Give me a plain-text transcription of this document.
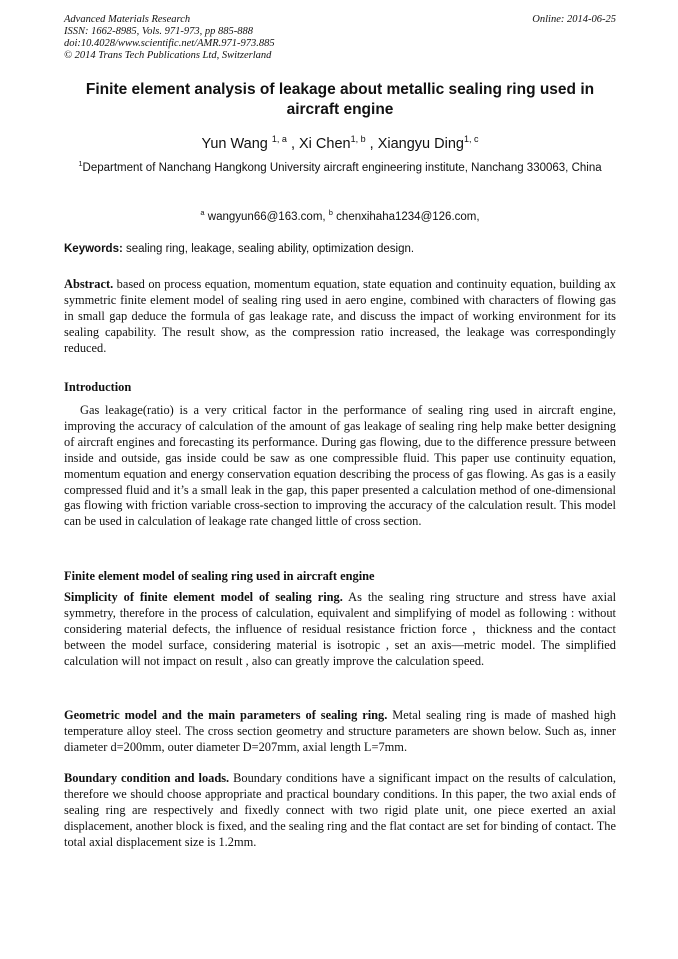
Advanced Materials Research
ISSN: 1662-8985, Vols. 971-973, pp 885-888
doi:10.4028/www.scientific.net/AMR.971-973.885
© 2014 Trans Tech Publications Ltd, Switzerland
Online: 2014-06-25
Finite element analysis of leakage about metallic sealing ring used in aircraft engine
Yun Wang $^{1, a}$ , Xi Chen$^{1, b}$ , Xiangyu Ding$^{1, c}$
$^1$Department of Nanchang Hangkong University aircraft engineering institute, Nanchang 330063, China
$^a$ wangyun66@163.com, $^b$ chenxihaha1234@126.com,
Keywords: sealing ring, leakage, sealing ability, optimization design.
Abstract. based on process equation, momentum equation, state equation and continuity equation, building ax symmetric finite element model of sealing ring used in aero engine, combined with characters of flowing gas in small gap deduce the formula of gas leakage rate, and discuss the impact of working environment for its sealing capability. The result show, as the compression ratio increased, the leakage was correspondingly reduced.
Introduction
Gas leakage(ratio) is a very critical factor in the performance of sealing ring used in aircraft engine, improving the accuracy of calculation of the amount of gas leakage of sealing ring help make better designing of aircraft engines and forecasting its performance. During gas flowing, due to the difference pressure between inside and outside, gas inside could be saw as one compressible fluid. This paper use continuity equation, momentum equation and energy conservation equation describing the process of gas flowing. As gas is a easily compressed fluid and it’s a small leak in the gap, this paper presented a calculation method of one-dimensional gas flowing with friction variable cross-section to improving the accuracy of the calculation result. This model can be used in calculation of leakage rate changed little of cross section.
Finite element model of sealing ring used in aircraft engine
Simplicity of finite element model of sealing ring. As the sealing ring structure and stress have axial symmetry, therefore in the process of calculation, equivalent and simplifying of model as following : without considering material defects, the influence of residual resistance friction force ，thickness and the contact between the model surface, considering material is isotropic , set an axis—metric model. The simplified calculation will not impact on result , also can greatly improve the calculation speed.
Geometric model and the main parameters of sealing ring. Metal sealing ring is made of mashed high temperature alloy steel. The cross section geometry and structure parameters are shown below. Such as, inner diameter d=200mm, outer diameter D=207mm, axial length L=7mm.
Boundary condition and loads. Boundary conditions have a significant impact on the results of calculation, therefore we should choose appropriate and practical boundary conditions. In this paper, the two axial ends of sealing ring are respectively and fixedly connect with two rigid plate unit, one piece exerted an axial displacement, another block is fixed, and the sealing ring and the flat contact are set for binding of contact. The total axial displacement size is 1.2mm.
